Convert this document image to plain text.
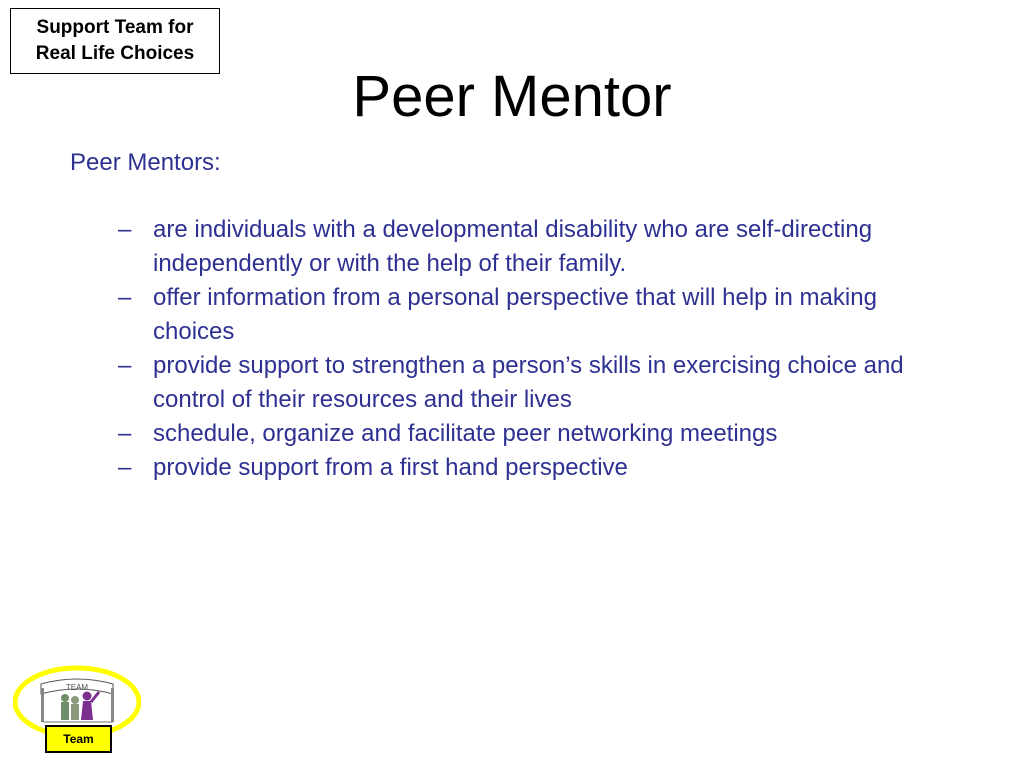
Support Team for
Real Life Choices
Peer Mentor
Peer Mentors:
– are individuals with a developmental disability who are self-directing independently or with the help of their family.
– offer information from a personal perspective that will help in making choices
– provide support to strengthen a person’s skills in exercising choice and control of their resources and their lives
– schedule, organize and facilitate peer networking meetings
– provide support from a first hand perspective
TEAM
Team
